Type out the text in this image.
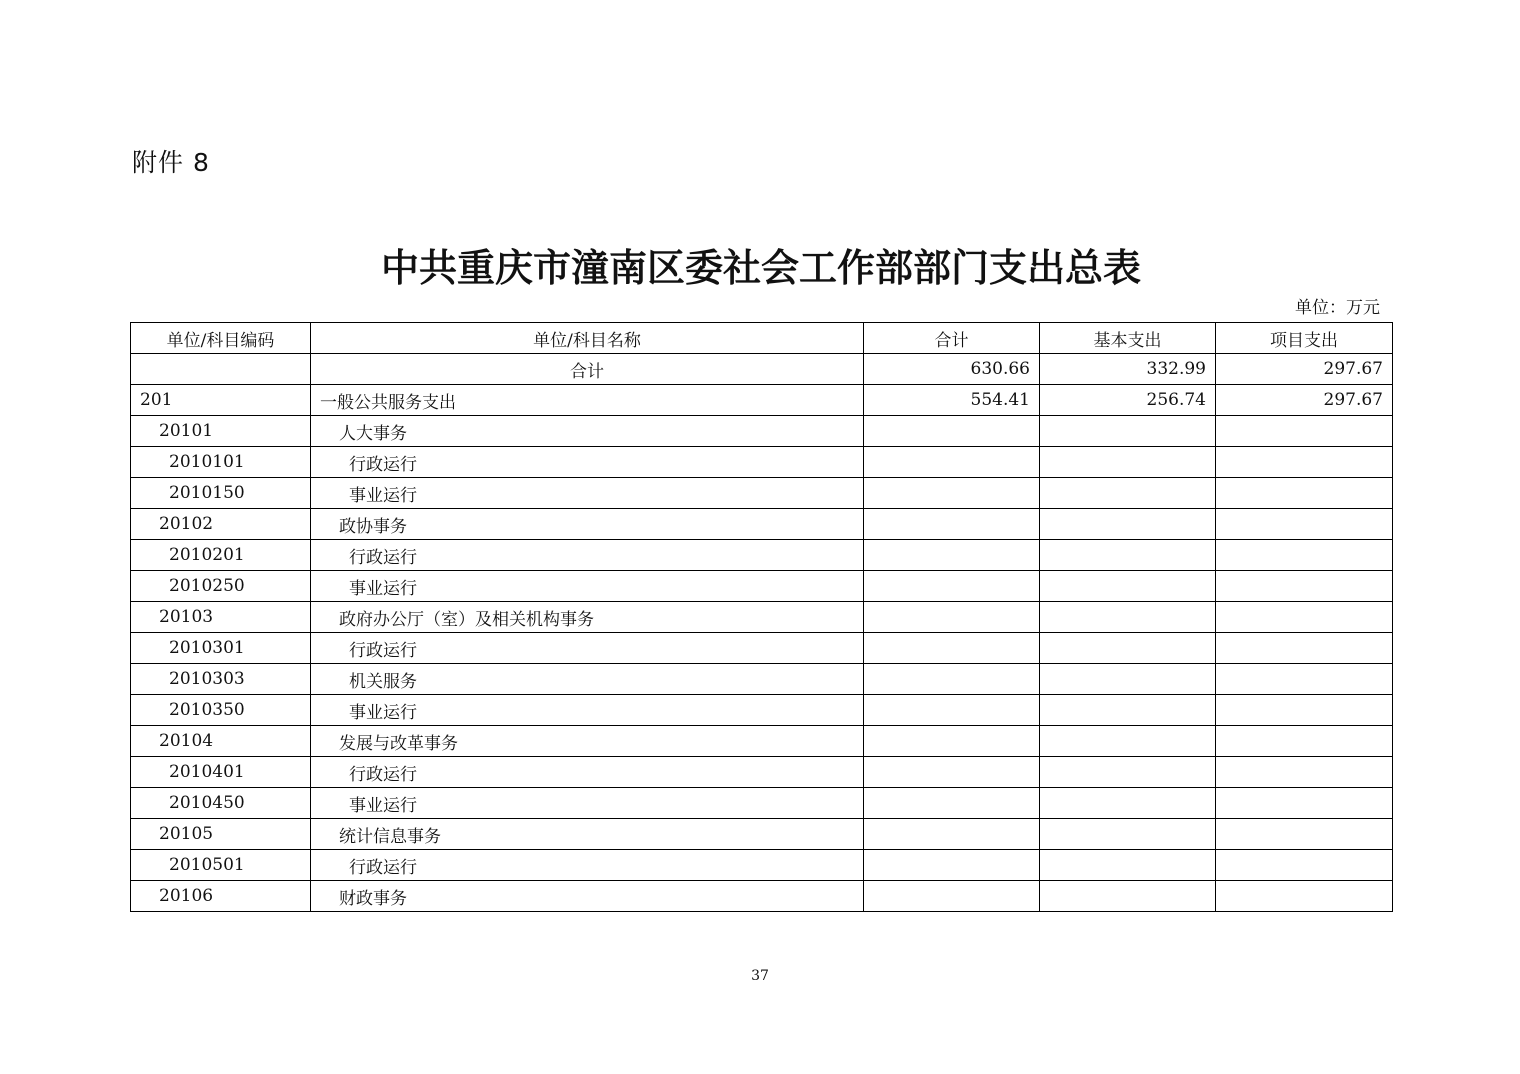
附件 8
中共重庆市潼南区委社会工作部部门支出总表
单位：万元
单位/科目编码	单位/科目名称	合计	基本支出	项目支出
	合计	630.66	332.99	297.67
201	一般公共服务支出	554.41	256.74	297.67
20101	人大事务			
2010101	行政运行			
2010150	事业运行			
20102	政协事务			
2010201	行政运行			
2010250	事业运行			
20103	政府办公厅（室）及相关机构事务			
2010301	行政运行			
2010303	机关服务			
2010350	事业运行			
20104	发展与改革事务			
2010401	行政运行			
2010450	事业运行			
20105	统计信息事务			
2010501	行政运行			
20106	财政事务			
37
